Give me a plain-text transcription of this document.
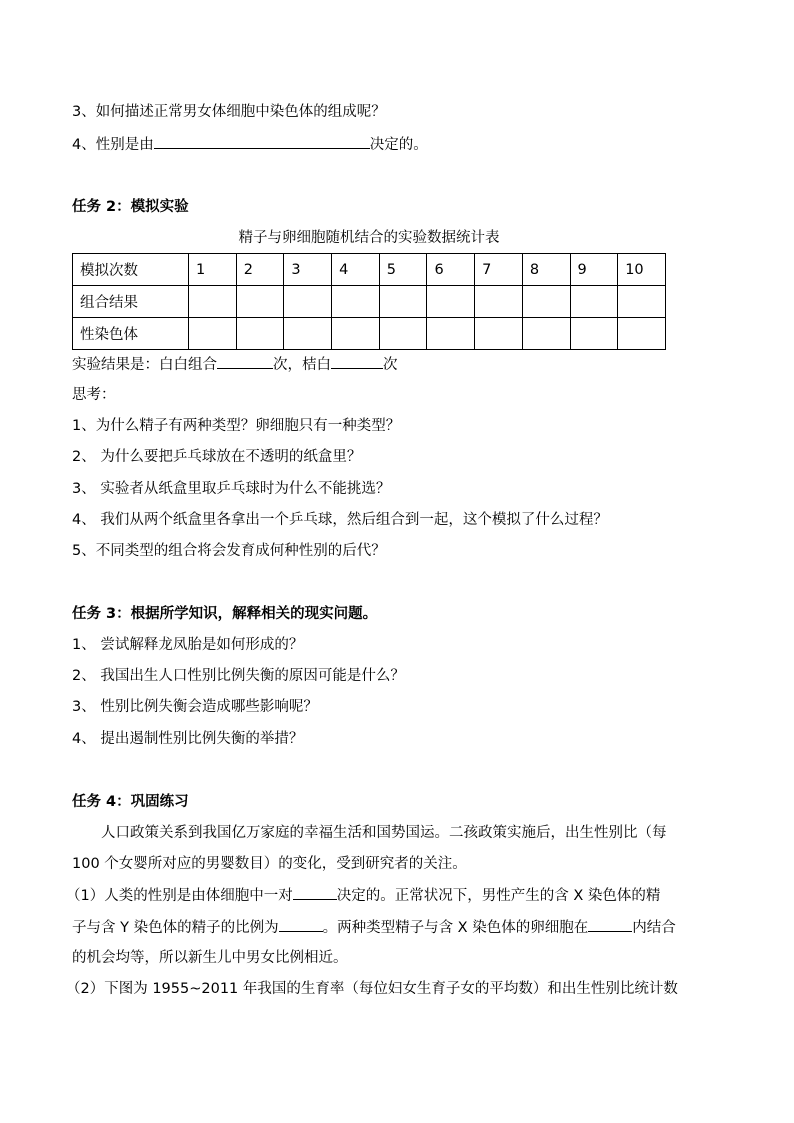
3、如何描述正常男女体细胞中染色体的组成呢？
4、性别是由	决定的。
任务 2：模拟实验
精子与卵细胞随机结合的实验数据统计表
模拟次数	1	2	3	4	5	6	7	8	9	10
组合结果										
性染色体										
实验结果是：白白组合	次，桔白	次
思考：
1、为什么精子有两种类型？卵细胞只有一种类型？
2、 为什么要把乒乓球放在不透明的纸盒里？
3、 实验者从纸盒里取乒乓球时为什么不能挑选？
4、 我们从两个纸盒里各拿出一个乒乓球，然后组合到一起，这个模拟了什么过程？
5、不同类型的组合将会发育成何种性别的后代？
任务 3：根据所学知识，解释相关的现实问题。
1、 尝试解释龙凤胎是如何形成的？
2、 我国出生人口性别比例失衡的原因可能是什么？
3、 性别比例失衡会造成哪些影响呢？
4、 提出遏制性别比例失衡的举措？
任务 4：巩固练习
人口政策关系到我国亿万家庭的幸福生活和国势国运。二孩政策实施后，出生性别比（每
100 个女婴所对应的男婴数目）的变化，受到研究者的关注。
（1）人类的性别是由体细胞中一对	决定的。正常状况下，男性产生的含 X 染色体的精
子与含 Y 染色体的精子的比例为	。两种类型精子与含 X 染色体的卵细胞在	内结合
的机会均等，所以新生儿中男女比例相近。
（2）下图为 1955~2011 年我国的生育率（每位妇女生育子女的平均数）和出生性别比统计数
